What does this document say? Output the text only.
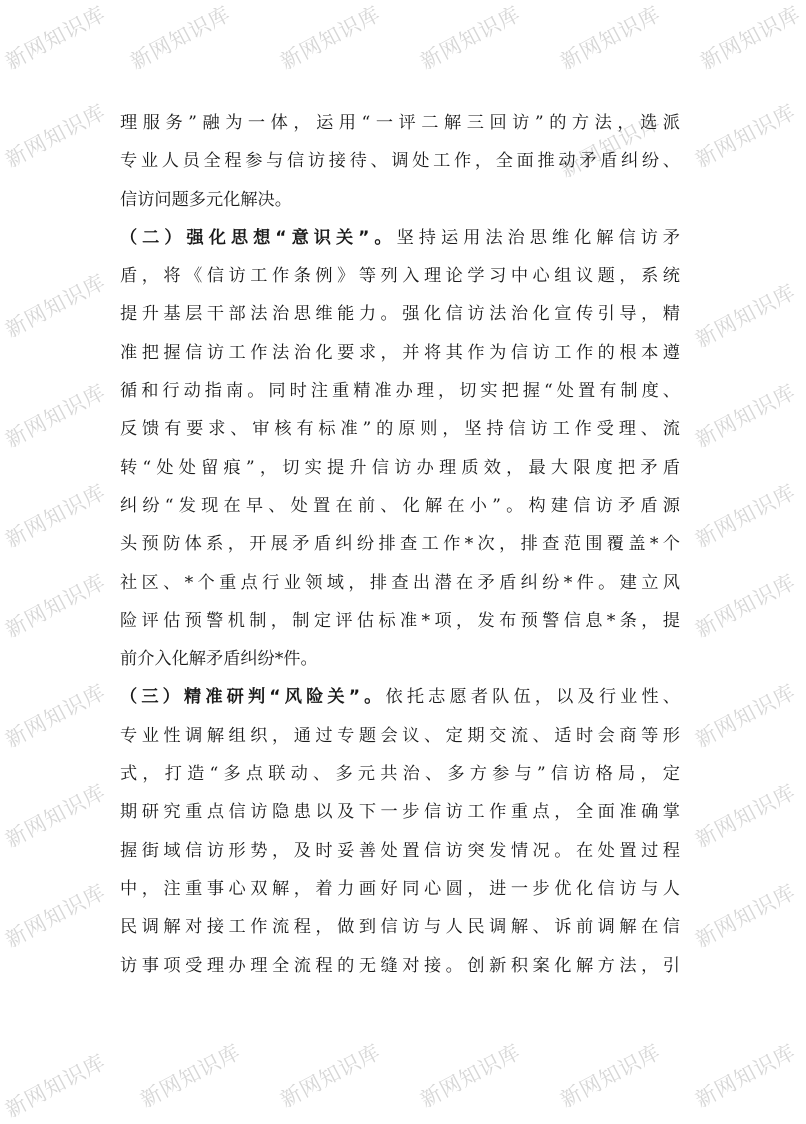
新网知识库 新网知识库 新网知识库 新网知识库 新网知识库
新网知识库
新网知识库	新网知识库
新网知识库
新网知识库	新网知识库
新网知识库	新网知识库
新网知识库	新网知识库
新网知识库	新网知识库
新网知识库	新网知识库
新网知识库	新网知识库
新网知识库	新网知识库
新网知识库 新网知识库 新网知识库 新网知识库 新网知识库 新网知识库
理服务”融为一体，运用“一评二解三回访”的方法，选派
专业人员全程参与信访接待、调处工作，全面推动矛盾纠纷、
信访问题多元化解决。
（二）强化思想“意识关”。坚持运用法治思维化解信访矛
盾，将《信访工作条例》等列入理论学习中心组议题，系统
提升基层干部法治思维能力。强化信访法治化宣传引导，精
准把握信访工作法治化要求，并将其作为信访工作的根本遵
循和行动指南。同时注重精准办理，切实把握“处置有制度、
反馈有要求、审核有标准”的原则，坚持信访工作受理、流
转“处处留痕”，切实提升信访办理质效，最大限度把矛盾
纠纷“发现在早、处置在前、化解在小”。构建信访矛盾源
头预防体系，开展矛盾纠纷排查工作*次，排查范围覆盖*个
社区、*个重点行业领域，排查出潜在矛盾纠纷*件。建立风
险评估预警机制，制定评估标准*项，发布预警信息*条，提
前介入化解矛盾纠纷*件。
（三）精准研判“风险关”。依托志愿者队伍，以及行业性、
专业性调解组织，通过专题会议、定期交流、适时会商等形
式，打造“多点联动、多元共治、多方参与”信访格局，定
期研究重点信访隐患以及下一步信访工作重点，全面准确掌
握街域信访形势，及时妥善处置信访突发情况。在处置过程
中，注重事心双解，着力画好同心圆，进一步优化信访与人
民调解对接工作流程，做到信访与人民调解、诉前调解在信
访事项受理办理全流程的无缝对接。创新积案化解方法，引
